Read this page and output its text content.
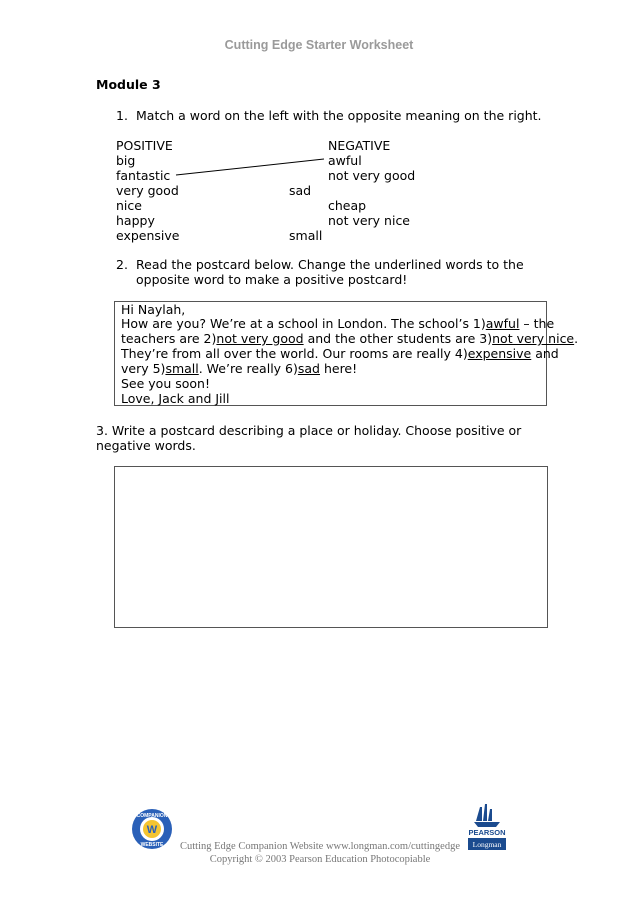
Cutting Edge Starter Worksheet
Module 3
1. Match a word on the left with the opposite meaning on the right.
POSITIVE	NEGATIVE
big
fantastic
very good
nice
happy
expensive
awful
not very good
sad
cheap
not very nice
small
2. Read the postcard below. Change the underlined words to the
opposite word to make a positive postcard!
Hi Naylah,
How are you? We’re at a school in London. The school’s 1)awful – the
teachers are 2)not very good and the other students are 3)not very nice.
They’re from all over the world. Our rooms are really 4)expensive and
very 5)small. We’re really 6)sad here!
See you soon!
Love, Jack and Jill
3. Write a postcard describing a place or holiday. Choose positive or
negative words.
W
COMPANION
WEBSITE
PEARSON
Longman
Cutting Edge Companion Website www.longman.com/cuttingedge
Copyright © 2003 Pearson Education Photocopiable
